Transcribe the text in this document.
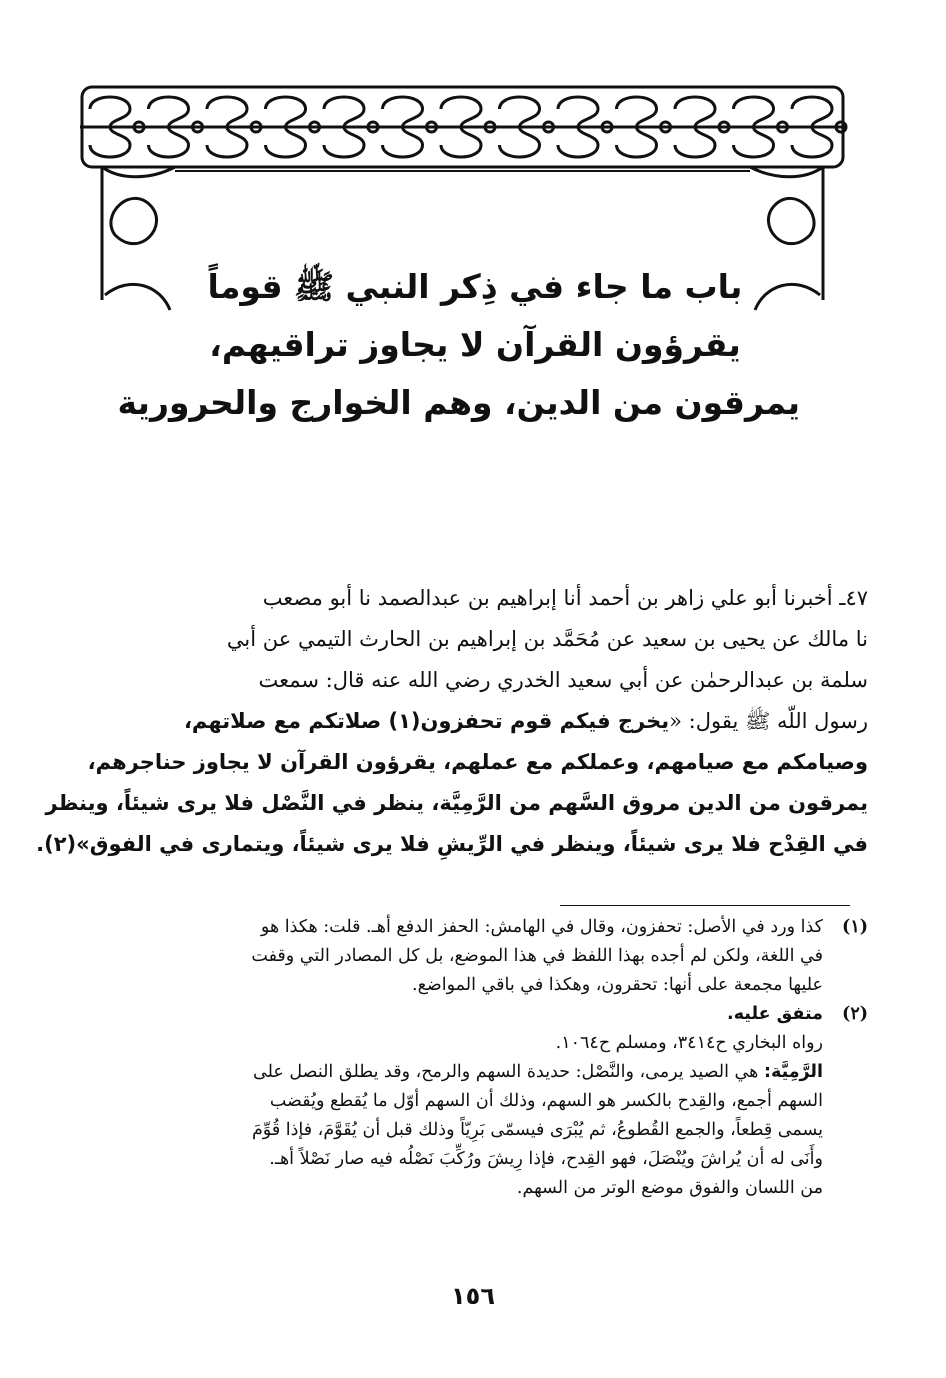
باب ما جاء في ذِكر النبي ﷺ قوماً
يقرؤون القرآن لا يجاوز تراقيهم،
يمرقون من الدين، وهم الخوارج والحرورية
٤٧ـ أخبرنا أبو علي زاهر بن أحمد أنا إبراهيم بن عبدالصمد نا أبو مصعب
نا مالك عن يحيى بن سعيد عن مُحَمَّد بن إبراهيم بن الحارث التيمي عن أبي
سلمة بن عبدالرحمٰن عن أبي سعيد الخدري رضي الله عنه قال: سمعت
رسول اللّه ﷺ يقول: «يخرج فيكم قوم تحفزون(١) صلاتكم مع صلاتهم،
وصيامكم مع صيامهم، وعملكم مع عملهم، يقرؤون القرآن لا يجاوز حناجرهم،
يمرقون من الدين مروق السَّهم من الرَّمِيَّة، ينظر في النَّصْل فلا يرى شيئاً، وينظر
في القِدْح فلا يرى شيئاً، وينظر في الرِّيشِ فلا يرى شيئاً، ويتمارى في الفوق»(٢).
(١)كذا ورد في الأصل: تحفزون، وقال في الهامش: الحفز الدفع أهـ. قلت: هكذا هو
في اللغة، ولكن لم أجده بهذا اللفظ في هذا الموضع، بل كل المصادر التي وقفت
عليها مجمعة على أنها: تحقرون، وهكذا في باقي المواضع.
(٢)متفق عليه.
رواه البخاري ح٣٤١٤، ومسلم ح١٠٦٤.
الرَّمِيَّة: هي الصيد يرمى، والنَّصْل: حديدة السهم والرمح، وقد يطلق النصل على
السهم أجمع، والقِدح بالكسر هو السهم، وذلك أن السهم أوّل ما يُقطع ويُقضب
يسمى قِطعاً، والجمع القُطوعُ، ثم يُبْرَى فيسمّى بَرِيّاً وذلك قبل أن يُقَوَّمَ، فإذا قُوِّمَ
وأَنَى له أن يُراشَ ويُنْصَلَ، فهو القِدح، فإذا رِيشَ ورُكِّبَ نَصْلُه فيه صار نَصْلاً أهـ.
من اللسان والفوق موضع الوتر من السهم.
١٥٦
